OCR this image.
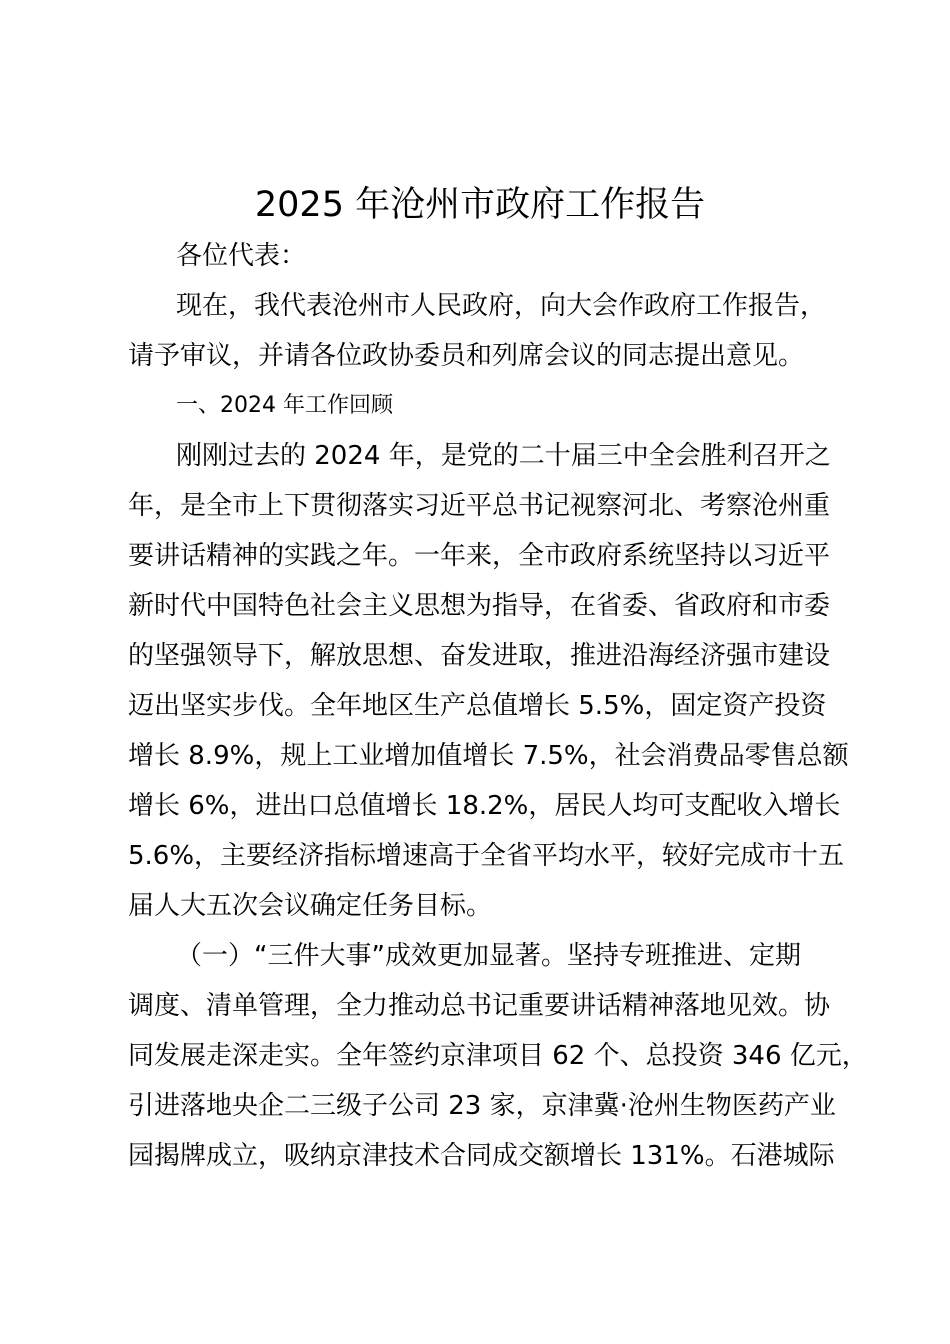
2025 年沧州市政府工作报告
各位代表：
现在，我代表沧州市人民政府，向大会作政府工作报告，
请予审议，并请各位政协委员和列席会议的同志提出意见。
一、2024 年工作回顾
刚刚过去的 2024 年，是党的二十届三中全会胜利召开之
年，是全市上下贯彻落实习近平总书记视察河北、考察沧州重
要讲话精神的实践之年。一年来，全市政府系统坚持以习近平
新时代中国特色社会主义思想为指导，在省委、省政府和市委
的坚强领导下，解放思想、奋发进取，推进沿海经济强市建设
迈出坚实步伐。全年地区生产总值增长 5.5%，固定资产投资
增长 8.9%，规上工业增加值增长 7.5%，社会消费品零售总额
增长 6%，进出口总值增长 18.2%，居民人均可支配收入增长
5.6%，主要经济指标增速高于全省平均水平，较好完成市十五
届人大五次会议确定任务目标。
（一）“三件大事”成效更加显著。坚持专班推进、定期
调度、清单管理，全力推动总书记重要讲话精神落地见效。协
同发展走深走实。全年签约京津项目 62 个、总投资 346 亿元，
引进落地央企二三级子公司 23 家，京津冀·沧州生物医药产业
园揭牌成立，吸纳京津技术合同成交额增长 131%。石港城际
